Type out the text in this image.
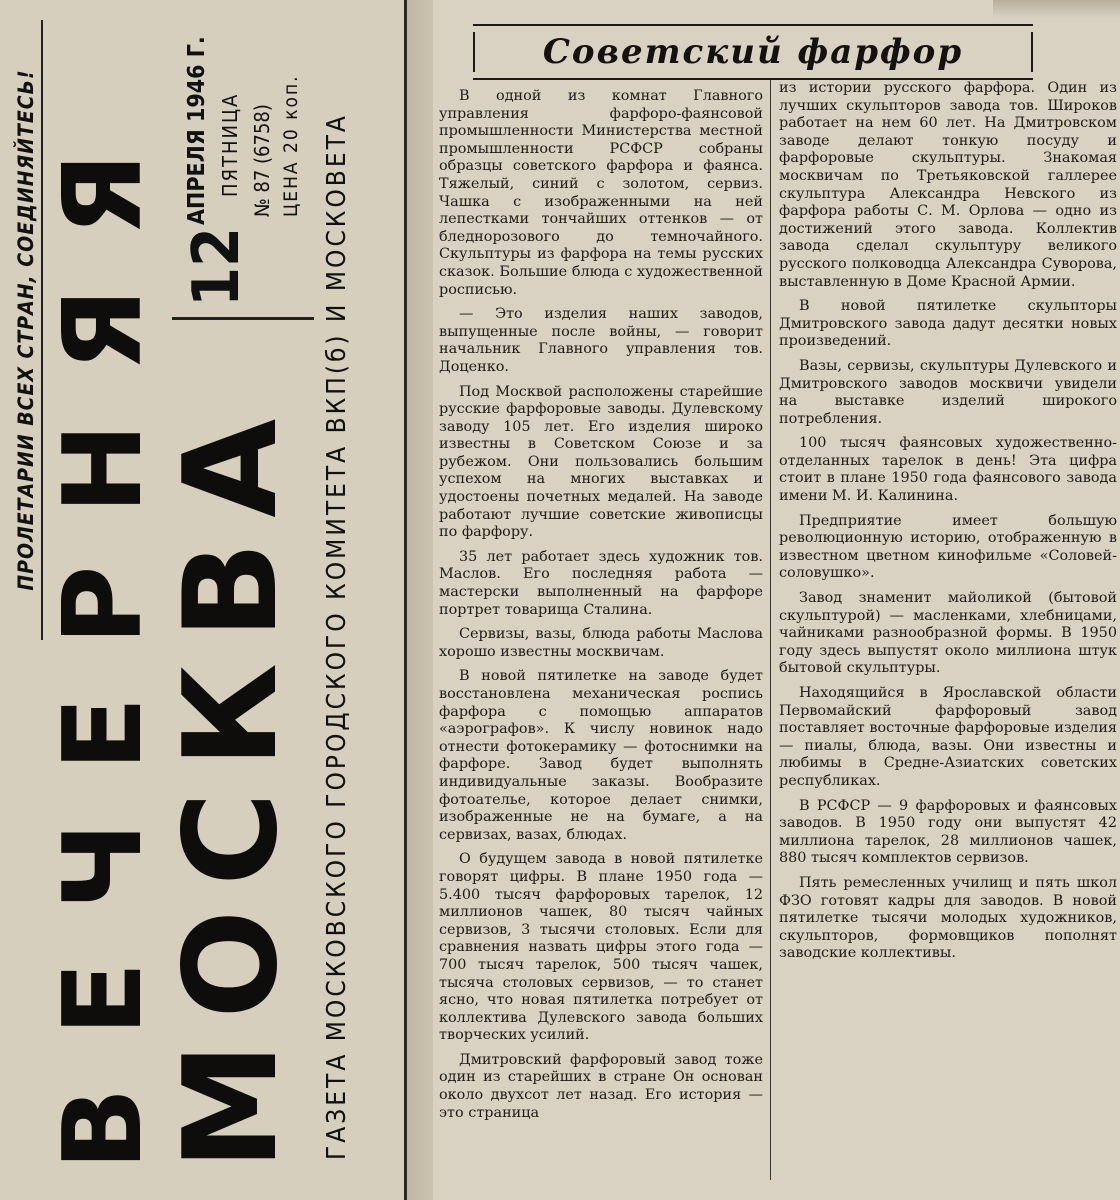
ПРОЛЕТАРИИ ВСЕХ СТРАН, СОЕДИНЯЙТЕСЬ! ВЕЧЕРНЯЯ
МОСКВА
12
АПРЕЛЯ 1946 Г. ПЯТНИЦА № 87 (6758) ЦЕНА 20 коп. ГАЗЕТА МОСКОВСКОГО ГОРОДСКОГО КОМИТЕТА ВКП(б) И МОСКОВЕТА
Советский фарфор

В одной из комнат Главного управления фарфоро-фаянсовой промышленности Министерства местной промышленности РСФСР собраны образцы советского фарфора и фаянса. Тяжелый, синий с золотом, сервиз. Чашка с изображенными на ней лепестками тончайших оттенков — от бледнорозового до темночайного. Скульптуры из фарфора на темы русских сказок. Большие блюда с художественной росписью.

— Это изделия наших заводов, выпущенные после войны, — говорит начальник Главного управления тов. Доценко.

Под Москвой расположены старейшие русские фарфоровые заводы. Дулевскому заводу 105 лет. Его изделия широко известны в Советском Союзе и за рубежом. Они пользовались большим успехом на многих выставках и удостоены почетных медалей. На заводе работают лучшие советские живописцы по фарфору.

35 лет работает здесь художник тов. Маслов. Его последняя работа — мастерски выполненный на фарфоре портрет товарища Сталина.

Сервизы, вазы, блюда работы Маслова хорошо известны москвичам.

В новой пятилетке на заводе будет восстановлена механическая роспись фарфора с помощью аппаратов «аэрографов». К числу новинок надо отнести фотокерамику — фотоснимки на фарфоре. Завод будет выполнять индивидуальные заказы. Вообразите фотоателье, которое делает снимки, изображенные не на бумаге, а на сервизах, вазах, блюдах.

О будущем завода в новой пятилетке говорят цифры. В плане 1950 года — 5.400 тысяч фарфоровых тарелок, 12 миллионов чашек, 80 тысяч чайных сервизов, 3 тысячи столовых. Если для сравнения назвать цифры этого года — 700 тысяч тарелок, 500 тысяч чашек, тысяча столовых сервизов, — то станет ясно, что новая пятилетка потребует от коллектива Дулевского завода больших творческих усилий.

Дмитровский фарфоровый завод тоже один из старейших в стране Он основан около двухсот лет назад. Его история — это страница

из истории русского фарфора. Один из лучших скульпторов завода тов. Широков работает на нем 60 лет. На Дмитровском заводе делают тонкую посуду и фарфоровые скульптуры. Знакомая москвичам по Третьяковской галлерее скульптура Александра Невского из фарфора работы С. М. Орлова — одно из достижений этого завода. Коллектив завода сделал скульптуру великого русского полководца Александра Суворова, выставленную в Доме Красной Армии.

В новой пятилетке скульпторы Дмитровского завода дадут десятки новых произведений.

Вазы, сервизы, скульптуры Дулевского и Дмитровского заводов москвичи увидели на выставке изделий широкого потребления.

100 тысяч фаянсовых художественно-отделанных тарелок в день! Эта цифра стоит в плане 1950 года фаянсового завода имени М. И. Калинина.

Предприятие имеет большую революционную историю, отображенную в известном цветном кинофильме «Соловей-соловушко».

Завод знаменит майоликой (бытовой скульптурой) — масленками, хлебницами, чайниками разнообразной формы. В 1950 году здесь выпустят около миллиона штук бытовой скульптуры.

Находящийся в Ярославской области Первомайский фарфоровый завод поставляет восточные фарфоровые изделия — пиалы, блюда, вазы. Они известны и любимы в Средне-Азиатских советских республиках.

В РСФСР — 9 фарфоровых и фаянсовых заводов. В 1950 году они выпустят 42 миллиона тарелок, 28 миллионов чашек, 880 тысяч комплектов сервизов.

Пять ремесленных училищ и пять школ ФЗО готовят кадры для заводов. В новой пятилетке тысячи молодых художников, скульпторов, формовщиков пополнят заводские коллективы.
